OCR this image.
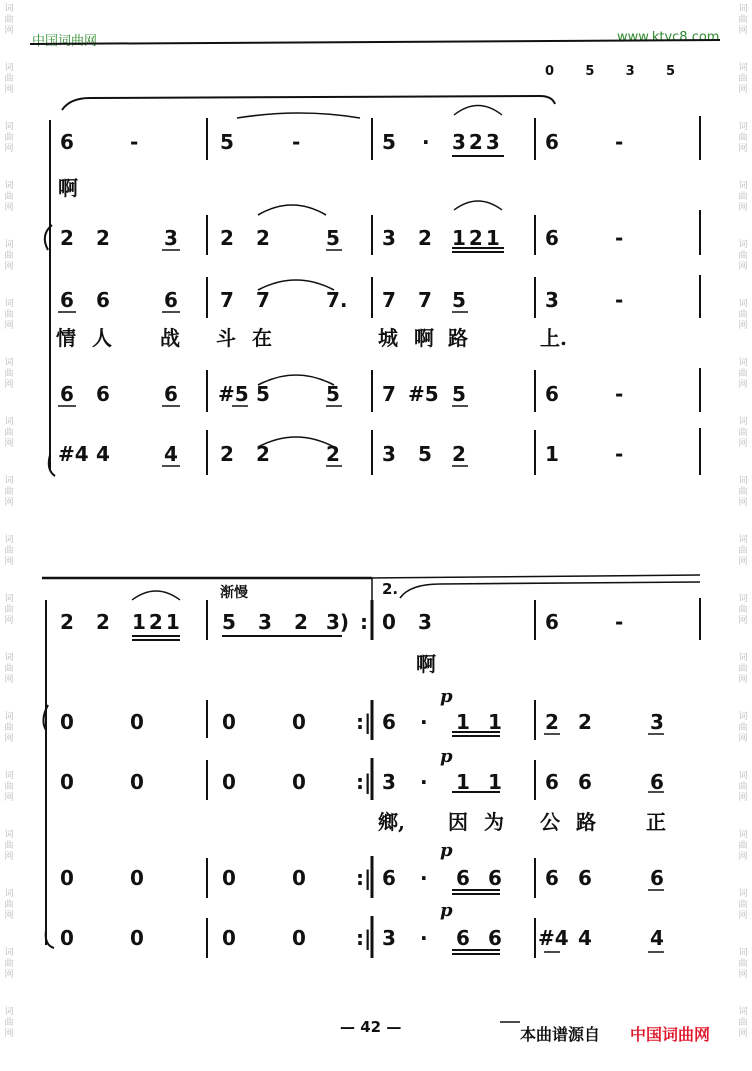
中国词曲网	www.ktvc8.com
词
曲
网
词
曲
网
词
曲
网
词
曲
网
词
曲
网
词
曲
网
词
曲
网
词
曲
网
词
曲
网
词
曲
网
词
曲
网
词
曲
网
词
曲
网
词
曲
网
词
曲
网
词
曲
网
词
曲
网
词
曲
网
词
曲
网
词
曲
网
词
曲
网
词
曲
网
词
曲
网
词
曲
网
词
曲
网
词
曲
网
词
曲
网
词
曲
网
词
曲
网
词
曲
网
词
曲
网
词
曲
网
词
曲
网
词
曲
网
词
曲
网
词
曲
网
0 5 3 5
6	-	5	-	5 · 323 6	-
啊
2 2	3 2 2	5 3 2 121 6	-
6 6	6 7 7	7. 7 7 5	3	-
情 人 战 斗 在	城 啊 路	上.
6 6	6 #5 5	5 7 #5 5	6	-
#4 4	4 2 2	2 3 5 2	1	-
渐慢	2.
2 2 121 5 3 2 3) :| 0 3	6	-
啊
0	0	0	0	:| 6 · 1 1 2 2	3
p
0	0	0	0	:| 3 · 1 1 6 6	6
p
鄉, 因 为 公 路	正
0	0	0	0	:| 6 · 6 6 6 6	6
p
0	0	0	0	:| 3 · 6 6 #4 4	4
p
— 42 —	本曲谱源自 中国词曲网
